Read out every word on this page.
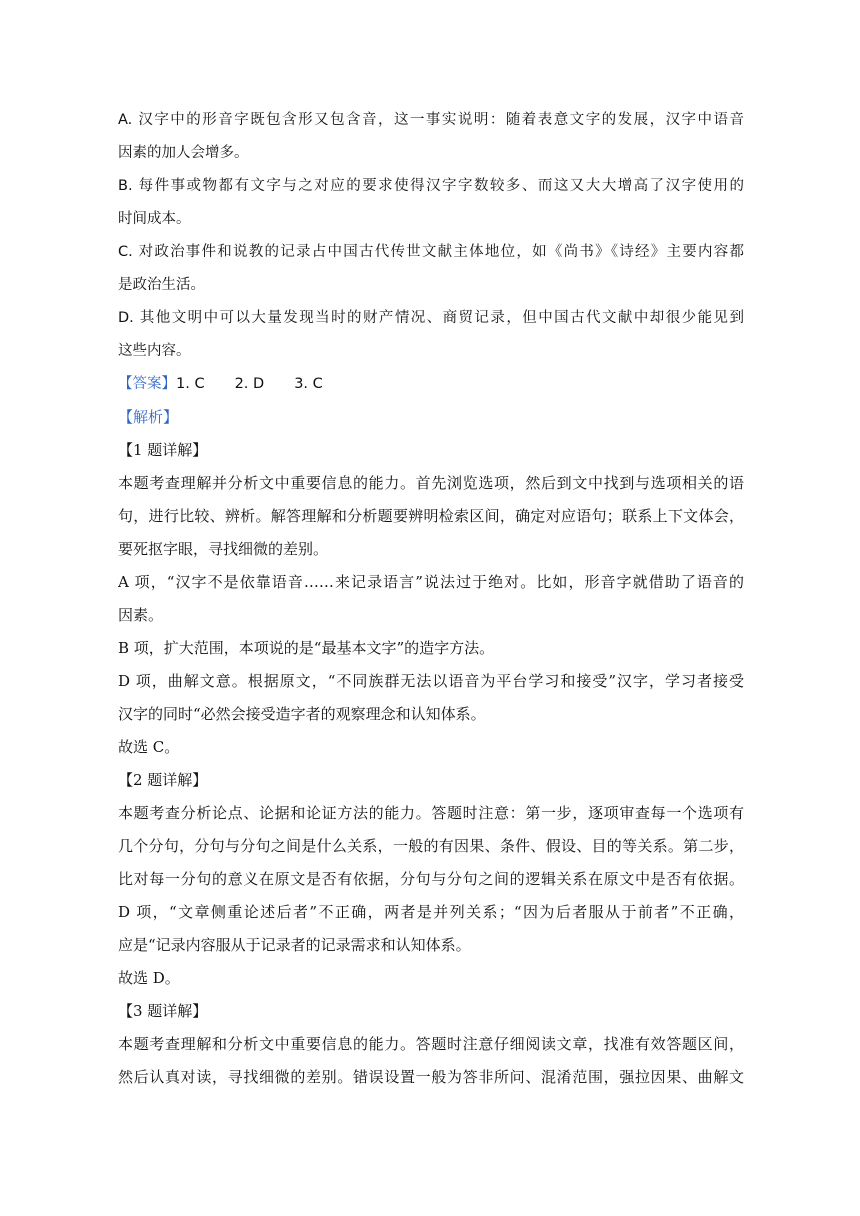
A. 汉字中的形音字既包含形又包含音，这一事实说明：随着表意文字的发展，汉字中语音
因素的加人会增多。
B. 每件事或物都有文字与之对应的要求使得汉字字数较多、而这又大大增高了汉字使用的
时间成本。
C. 对政治事件和说教的记录占中国古代传世文献主体地位，如《尚书》《诗经》主要内容都
是政治生活。
D. 其他文明中可以大量发现当时的财产情况、商贸记录，但中国古代文献中却很少能见到
这些内容。
【答案】1. C 2. D 3. C
【解析】
【1 题详解】
本题考查理解并分析文中重要信息的能力。首先浏览选项，然后到文中找到与选项相关的语
句，进行比较、辨析。解答理解和分析题要辨明检索区间，确定对应语句；联系上下文体会，
要死抠字眼，寻找细微的差别。
A 项，“汉字不是依靠语音……来记录语言”说法过于绝对。比如，形音字就借助了语音的
因素。
B 项，扩大范围，本项说的是“最基本文字”的造字方法。
D 项，曲解文意。根据原文，“不同族群无法以语音为平台学习和接受”汉字，学习者接受
汉字的同时“必然会接受造字者的观察理念和认知体系。
故选 C。
【2 题详解】
本题考查分析论点、论据和论证方法的能力。答题时注意：第一步，逐项审查每一个选项有
几个分句，分句与分句之间是什么关系，一般的有因果、条件、假设、目的等关系。第二步，
比对每一分句的意义在原文是否有依据，分句与分句之间的逻辑关系在原文中是否有依据。
D 项，“文章侧重论述后者”不正确，两者是并列关系；“因为后者服从于前者”不正确，
应是“记录内容服从于记录者的记录需求和认知体系。
故选 D。
【3 题详解】
本题考查理解和分析文中重要信息的能力。答题时注意仔细阅读文章，找准有效答题区间，
然后认真对读，寻找细微的差别。错误设置一般为答非所问、混淆范围，强拉因果、曲解文
